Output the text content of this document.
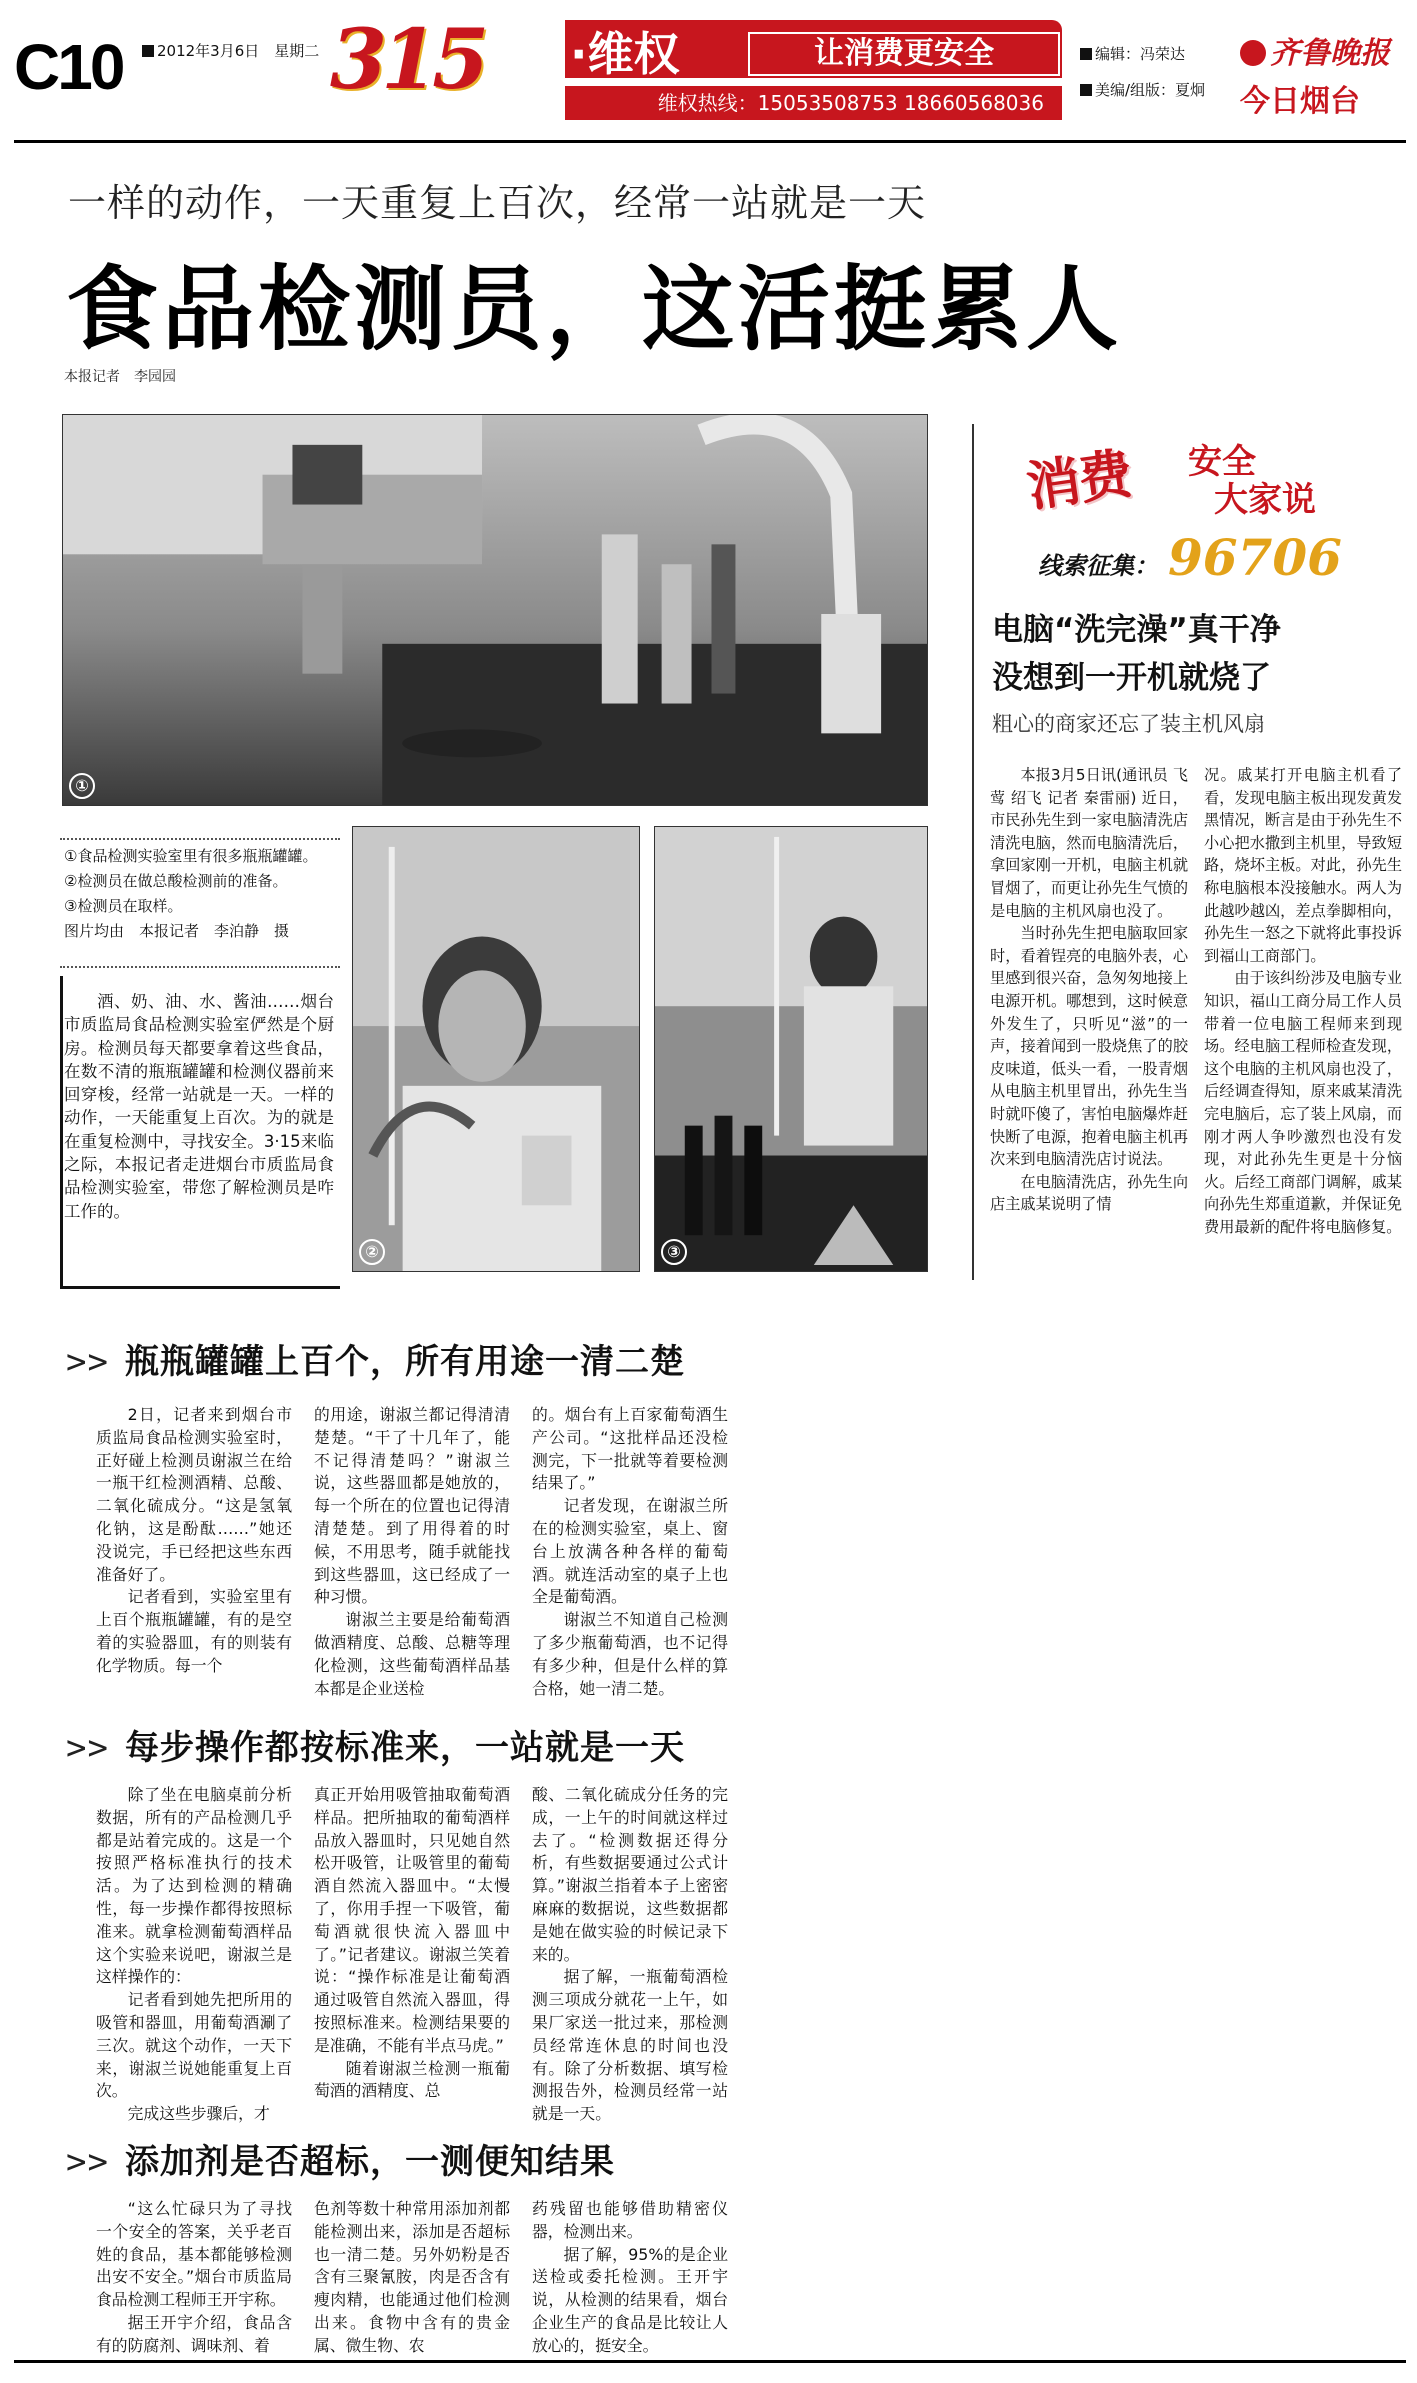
C10	2012年3月6日　 星期二 315 ·维权	让消费更安全
维权热线：15053508753 18660568036
编辑：冯荣达
美编/组版：夏炯
齐鲁晚报
今日烟台
一样的动作，一天重复上百次，经常一站就是一天
食品检测员，这活挺累人
本报记者　李园园
①
②	③
①食品检测实验室里有很多瓶瓶罐罐。
②检测员在做总酸检测前的准备。
③检测员在取样。
图片均由　本报记者　李泊静　摄
酒、奶、油、水、酱油……烟台市质监局食品检测实验室俨然是个厨房。检测员每天都要拿着这些食品，在数不清的瓶瓶罐罐和检测仪器前来回穿梭，经常一站就是一天。一样的动作，一天能重复上百次。为的就是在重复检测中，寻找安全。3·15来临之际，本报记者走进烟台市质监局食品检测实验室，带您了解检测员是咋工作的。
消费 安全
大家说
线索征集： 96706
电脑“洗完澡”真干净
没想到一开机就烧了
粗心的商家还忘了装主机风扇

本报3月5日讯(通讯员 飞莺 绍飞 记者 秦雷丽) 近日，市民孙先生到一家电脑清洗店清洗电脑，然而电脑清洗后，拿回家刚一开机，电脑主机就冒烟了，而更让孙先生气愤的是电脑的主机风扇也没了。

当时孙先生把电脑取回家时，看着锃亮的电脑外表，心里感到很兴奋，急匆匆地接上电源开机。哪想到，这时候意外发生了，只听见“滋”的一声，接着闻到一股烧焦了的胶皮味道，低头一看，一股青烟从电脑主机里冒出，孙先生当时就吓傻了，害怕电脑爆炸赶快断了电源，抱着电脑主机再次来到电脑清洗店讨说法。

在电脑清洗店，孙先生向店主戚某说明了情

况。戚某打开电脑主机看了看，发现电脑主板出现发黄发黑情况，断言是由于孙先生不小心把水撒到主机里，导致短路，烧坏主板。对此，孙先生称电脑根本没接触水。两人为此越吵越凶，差点拳脚相向，孙先生一怒之下就将此事投诉到福山工商部门。

由于该纠纷涉及电脑专业知识，福山工商分局工作人员带着一位电脑工程师来到现场。经电脑工程师检查发现，这个电脑的主机风扇也没了，后经调查得知，原来戚某清洗完电脑后，忘了装上风扇，而刚才两人争吵激烈也没有发现，对此孙先生更是十分恼火。后经工商部门调解，戚某向孙先生郑重道歉，并保证免费用最新的配件将电脑修复。

>> 瓶瓶罐罐上百个，所有用途一清二楚

2日，记者来到烟台市质监局食品检测实验室时，正好碰上检测员谢淑兰在给一瓶干红检测酒精、总酸、二氧化硫成分。“这是氢氧化钠，这是酚酞……”她还没说完，手已经把这些东西准备好了。

记者看到，实验室里有上百个瓶瓶罐罐，有的是空着的实验器皿，有的则装有化学物质。每一个

的用途，谢淑兰都记得清清楚楚。“干了十几年了，能不记得清楚吗？”谢淑兰说，这些器皿都是她放的，每一个所在的位置也记得清清楚楚。到了用得着的时候，不用思考，随手就能找到这些器皿，这已经成了一种习惯。

谢淑兰主要是给葡萄酒做酒精度、总酸、总糖等理化检测，这些葡萄酒样品基本都是企业送检

的。烟台有上百家葡萄酒生产公司。“这批样品还没检测完，下一批就等着要检测结果了。”

记者发现，在谢淑兰所在的检测实验室，桌上、窗台上放满各种各样的葡萄酒。就连活动室的桌子上也全是葡萄酒。

谢淑兰不知道自己检测了多少瓶葡萄酒，也不记得有多少种，但是什么样的算合格，她一清二楚。

>> 每步操作都按标准来，一站就是一天

除了坐在电脑桌前分析数据，所有的产品检测几乎都是站着完成的。这是一个按照严格标准执行的技术活。为了达到检测的精确性，每一步操作都得按照标准来。就拿检测葡萄酒样品这个实验来说吧，谢淑兰是这样操作的：

记者看到她先把所用的吸管和器皿，用葡萄酒涮了三次。就这个动作，一天下来，谢淑兰说她能重复上百次。

完成这些步骤后，才

真正开始用吸管抽取葡萄酒样品。把所抽取的葡萄酒样品放入器皿时，只见她自然松开吸管，让吸管里的葡萄酒自然流入器皿中。“太慢了，你用手捏一下吸管，葡萄酒就很快流入器皿中了。”记者建议。谢淑兰笑着说：“操作标准是让葡萄酒通过吸管自然流入器皿，得按照标准来。检测结果要的是准确，不能有半点马虎。”

随着谢淑兰检测一瓶葡萄酒的酒精度、总

酸、二氧化硫成分任务的完成，一上午的时间就这样过去了。“检测数据还得分析，有些数据要通过公式计算。”谢淑兰指着本子上密密麻麻的数据说，这些数据都是她在做实验的时候记录下来的。

据了解，一瓶葡萄酒检测三项成分就花一上午，如果厂家送一批过来，那检测员经常连休息的时间也没有。除了分析数据、填写检测报告外，检测员经常一站就是一天。

>> 添加剂是否超标，一测便知结果

“这么忙碌只为了寻找一个安全的答案，关乎老百姓的食品，基本都能够检测出安不安全。”烟台市质监局食品检测工程师王开宇称。

据王开宇介绍，食品含有的防腐剂、调味剂、着

色剂等数十种常用添加剂都能检测出来，添加是否超标也一清二楚。另外奶粉是否含有三聚氰胺，肉是否含有瘦肉精，也能通过他们检测出来。食物中含有的贵金属、微生物、农

药残留也能够借助精密仪器，检测出来。

据了解，95%的是企业送检或委托检测。王开宇说，从检测的结果看，烟台企业生产的食品是比较让人放心的，挺安全。
